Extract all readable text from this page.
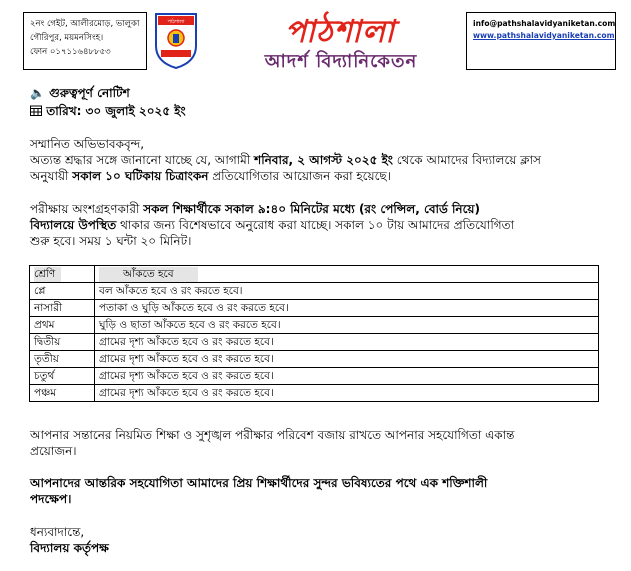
২নং গেইট, আলীরমোড়, ভালুকা
গৌরিপুর, ময়মনসিংহ।
ফোন ০১৭১১৬৪৮৮৫৩
পাঠশালা	পাঠশালা
আদর্শ বিদ্যানিকেতন
info@pathshalavidyaniketan.com
www.pathshalavidyaniketan.com
🔈 গুরুত্বপূর্ণ নোটিশ
তারিখ: ৩০ জুলাই ২০২৫ ইং
সম্মানিত অভিভাবকবৃন্দ,
অত্যন্ত শ্রদ্ধার সঙ্গে জানানো যাচ্ছে যে, আগামী শনিবার, ২ আগস্ট ২০২৫ ইং থেকে আমাদের বিদ্যালয়ে ক্লাস
অনুযায়ী সকাল ১০ ঘটিকায় চিত্রাংকন প্রতিযোগিতার আয়োজন করা হয়েছে।
পরীক্ষায় অংশগ্রহণকারী সকল শিক্ষার্থীকে সকাল ৯:৪০ মিনিটের মধ্যে (রং পেন্সিল, বোর্ড নিয়ে)
বিদ্যালয়ে উপস্থিত থাকার জন্য বিশেষভাবে অনুরোধ করা যাচ্ছে। সকাল ১০ টায় আমাদের প্রতিযোগিতা
শুরু হবে। সময় ১ ঘন্টা ২০ মিনিট।
শ্রেণি	আঁকতে হবে
প্লে	বল আঁকতে হবে ও রং করতে হবে।
নাসারী	পতাকা ও ঘুড়ি আঁকতে হবে ও রং করতে হবে।
প্রথম	ঘুড়ি ও ছাতা আঁকতে হবে ও রং করতে হবে।
দ্বিতীয়	গ্রামের দৃশ্য আঁকতে হবে ও রং করতে হবে।
তৃতীয়	গ্রামের দৃশ্য আঁকতে হবে ও রং করতে হবে।
চতুর্থ	গ্রামের দৃশ্য আঁকতে হবে ও রং করতে হবে।
পঞ্চম	গ্রামের দৃশ্য আঁকতে হবে ও রং করতে হবে।
আপনার সন্তানের নিয়মিত শিক্ষা ও সুশৃঙ্খল পরীক্ষার পরিবেশ বজায় রাখতে আপনার সহযোগিতা একান্ত
প্রয়োজন।
আপনাদের আন্তরিক সহযোগিতা আমাদের প্রিয় শিক্ষার্থীদের সুন্দর ভবিষ্যতের পথে এক শক্তিশালী
পদক্ষেপ।
ধন্যবাদান্তে,
বিদ্যালয় কর্তৃপক্ষ
